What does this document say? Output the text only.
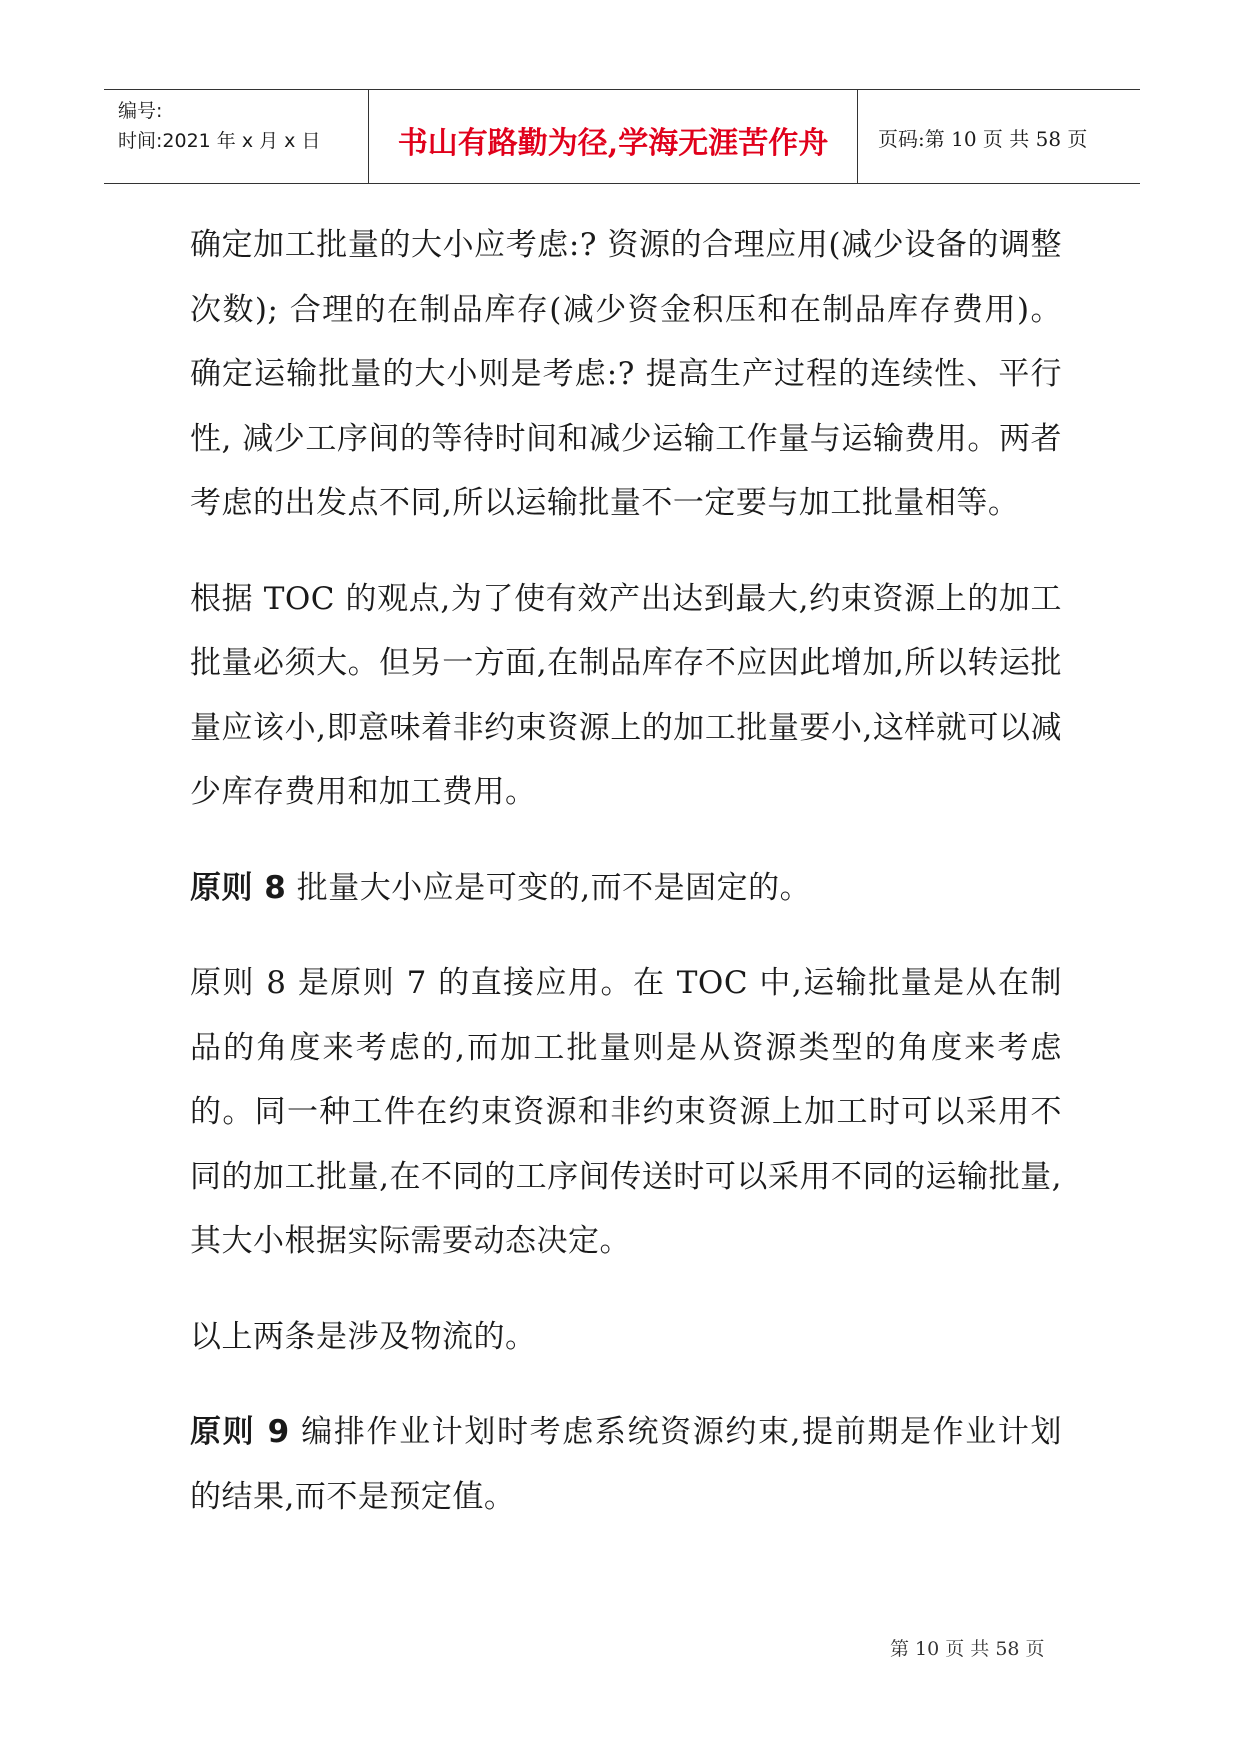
编号:
时间:2021 年 x 月 x 日	书山有路勤为径,学海无涯苦作舟	页码:第 10 页 共 58 页

确定加工批量的大小应考虑:? 资源的合理应用(减少设备的调整次数); 合理的在制品库存(减少资金积压和在制品库存费用)。确定运输批量的大小则是考虑:? 提高生产过程的连续性、平行性, 减少工序间的等待时间和减少运输工作量与运输费用。两者考虑的出发点不同,所以运输批量不一定要与加工批量相等。

根据 TOC 的观点,为了使有效产出达到最大,约束资源上的加工批量必须大。但另一方面,在制品库存不应因此增加,所以转运批量应该小,即意味着非约束资源上的加工批量要小,这样就可以减少库存费用和加工费用。

原则 8 批量大小应是可变的,而不是固定的。

原则 8 是原则 7 的直接应用。在 TOC 中,运输批量是从在制品的角度来考虑的,而加工批量则是从资源类型的角度来考虑的。同一种工件在约束资源和非约束资源上加工时可以采用不同的加工批量,在不同的工序间传送时可以采用不同的运输批量,其大小根据实际需要动态决定。

以上两条是涉及物流的。

原则 9 编排作业计划时考虑系统资源约束,提前期是作业计划的结果,而不是预定值。

第 10 页 共 58 页
